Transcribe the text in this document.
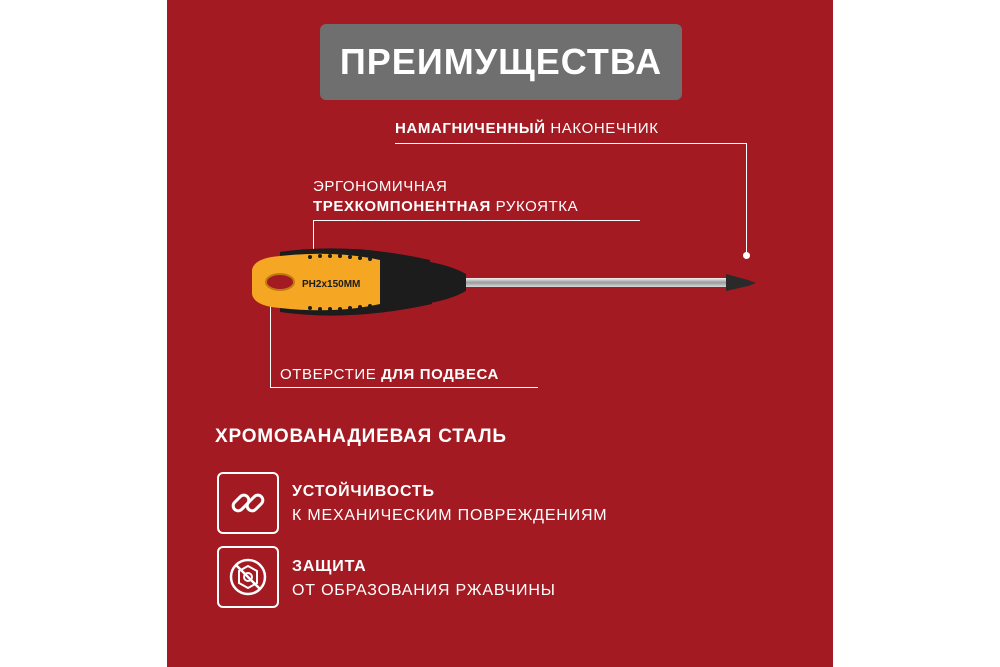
ПРЕИМУЩЕСТВА
НАМАГНИЧЕННЫЙ НАКОНЕЧНИК
ЭРГОНОМИЧНАЯ
ТРЕХКОМПОНЕНТНАЯ РУКОЯТКА
ОТВЕРСТИЕ ДЛЯ ПОДВЕСА
PH2x150MM
ХРОМОВАНАДИЕВАЯ СТАЛЬ
УСТОЙЧИВОСТЬ
К МЕХАНИЧЕСКИМ ПОВРЕЖДЕНИЯМ
ЗАЩИТА
ОТ ОБРАЗОВАНИЯ РЖАВЧИНЫ
